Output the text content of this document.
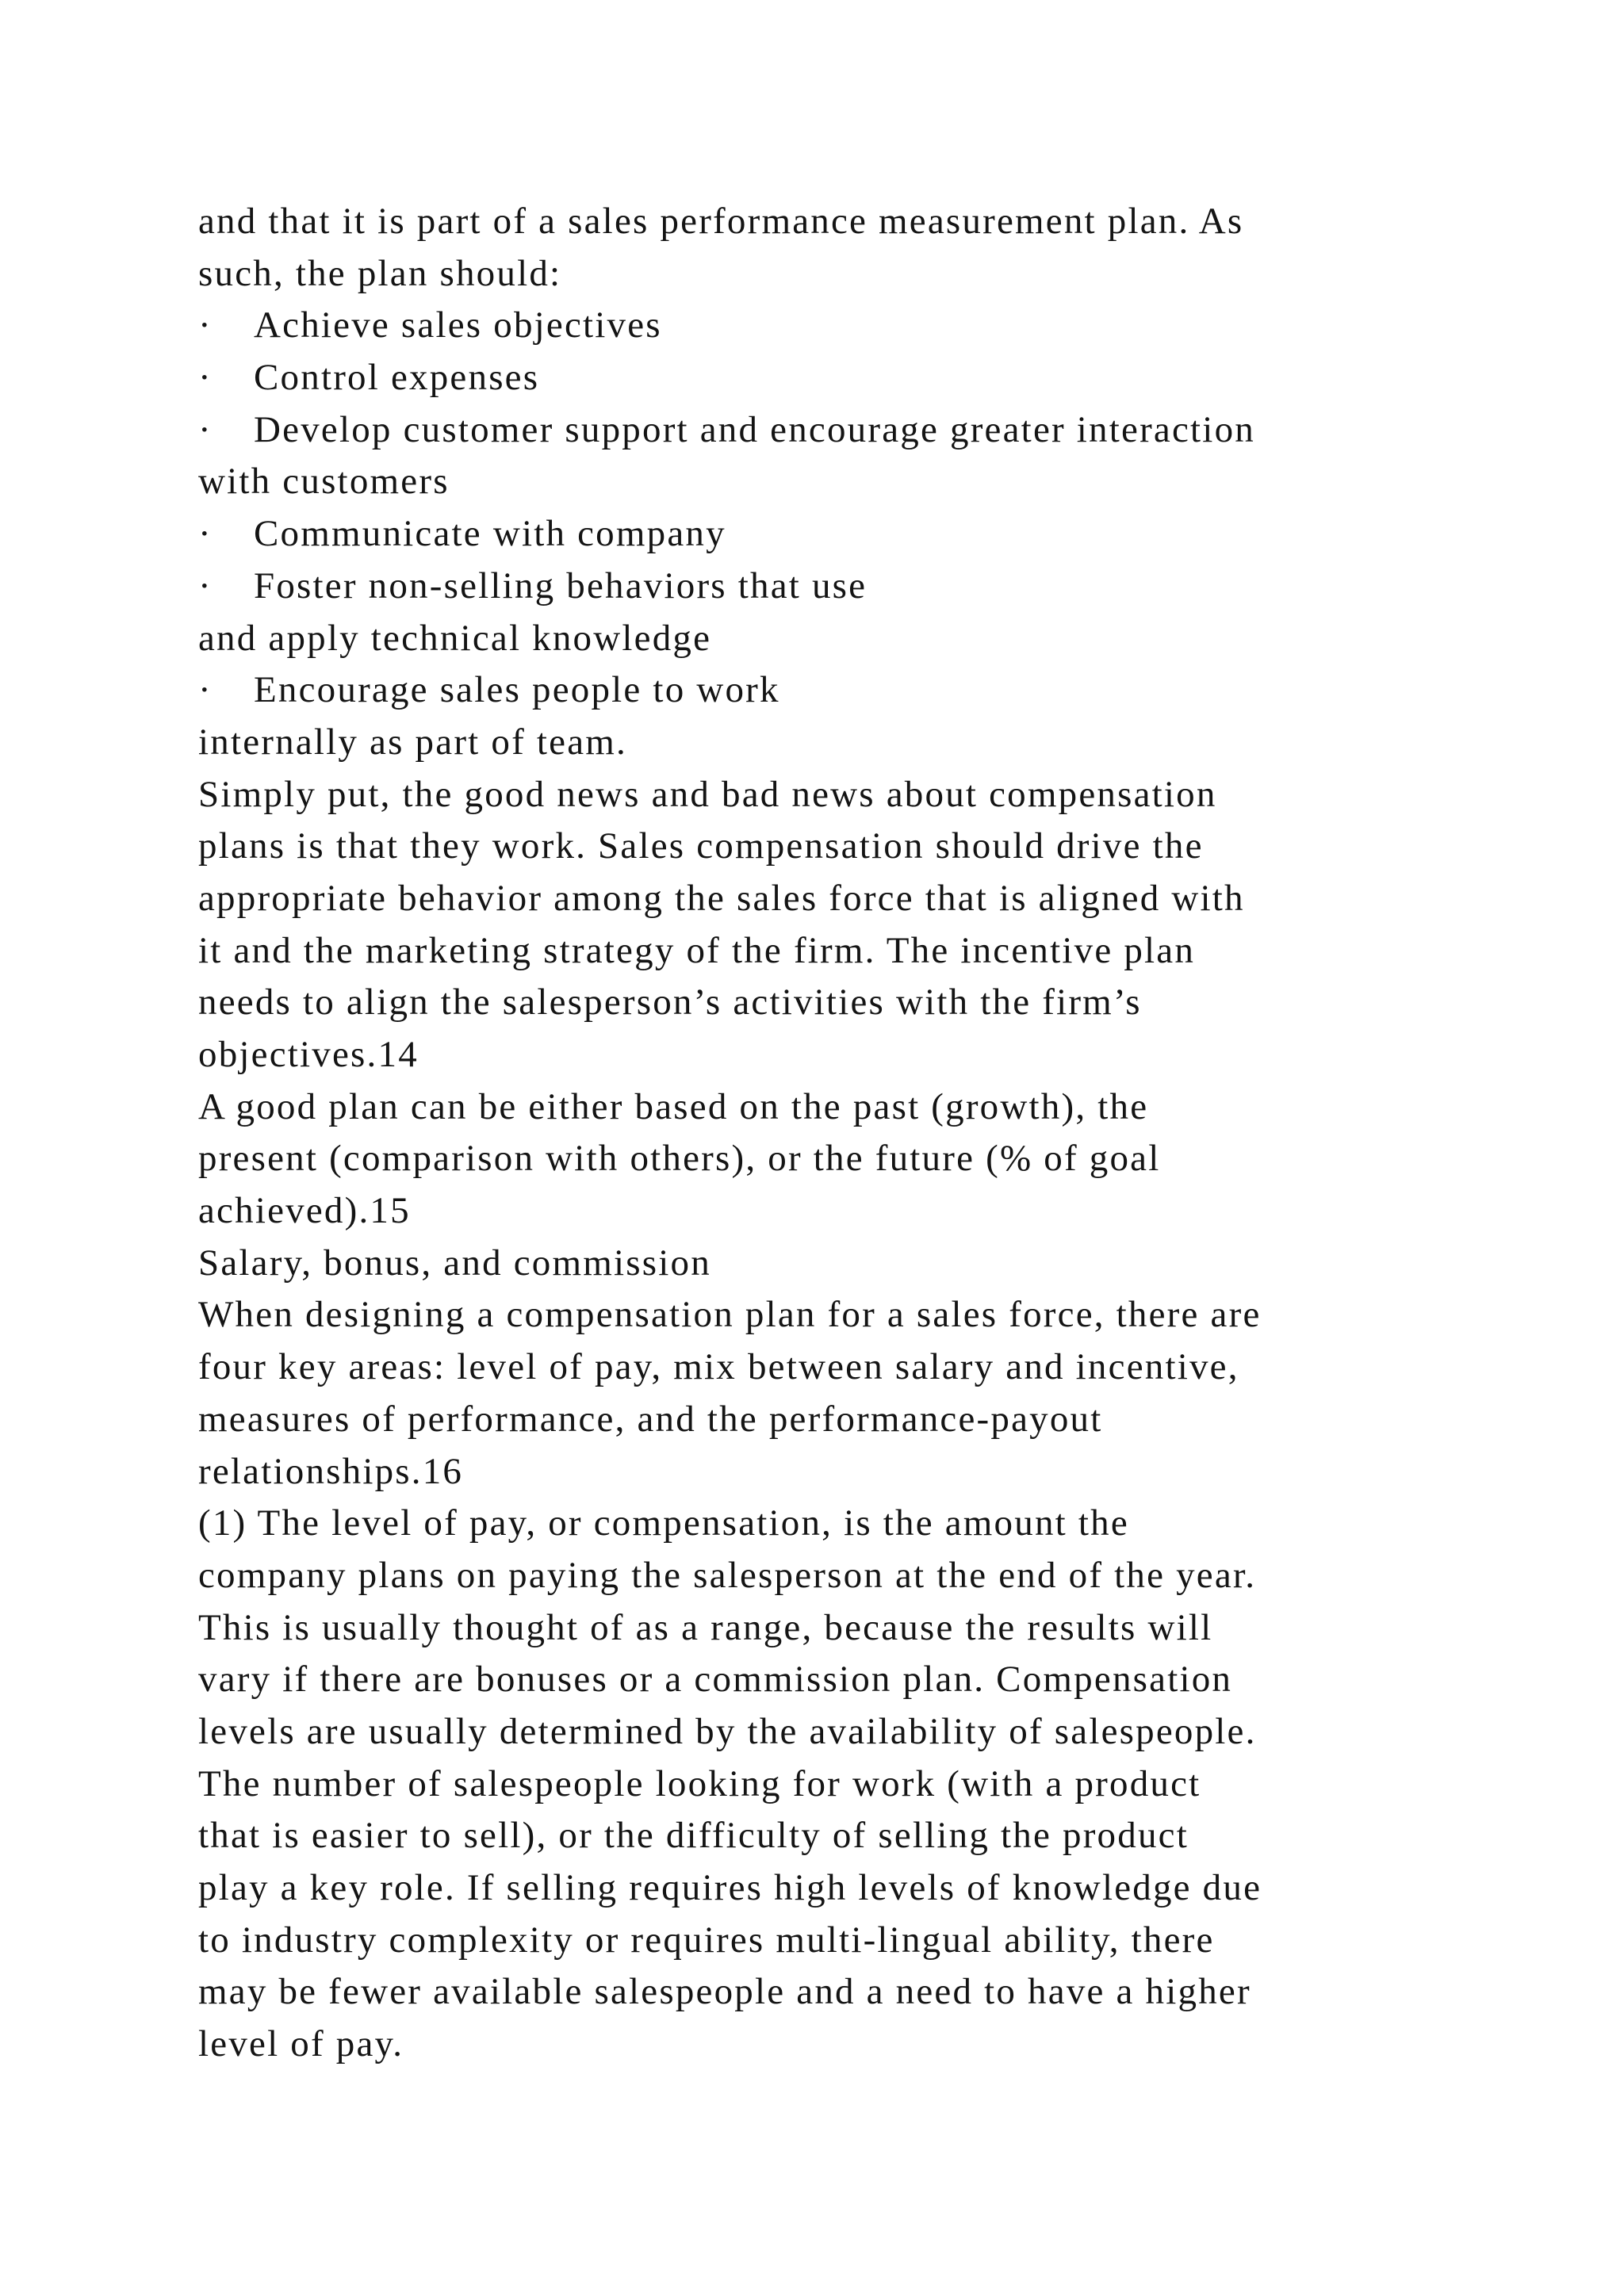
and that it is part of a sales performance measurement plan. As
such, the plan should:
· Achieve sales objectives
· Control expenses
· Develop customer support and encourage greater interaction
with customers
· Communicate with company
· Foster non-selling behaviors that use
and apply technical knowledge
· Encourage sales people to work
internally as part of team.
Simply put, the good news and bad news about compensation
plans is that they work. Sales compensation should drive the
appropriate behavior among the sales force that is aligned with
it and the marketing strategy of the firm. The incentive plan
needs to align the salesperson’s activities with the firm’s
objectives.14
A good plan can be either based on the past (growth), the
present (comparison with others), or the future (% of goal
achieved).15
Salary, bonus, and commission
When designing a compensation plan for a sales force, there are
four key areas: level of pay, mix between salary and incentive,
measures of performance, and the performance-payout
relationships.16
(1) The level of pay, or compensation, is the amount the
company plans on paying the salesperson at the end of the year.
This is usually thought of as a range, because the results will
vary if there are bonuses or a commission plan. Compensation
levels are usually determined by the availability of salespeople.
The number of salespeople looking for work (with a product
that is easier to sell), or the difficulty of selling the product
play a key role. If selling requires high levels of knowledge due
to industry complexity or requires multi-lingual ability, there
may be fewer available salespeople and a need to have a higher
level of pay.
